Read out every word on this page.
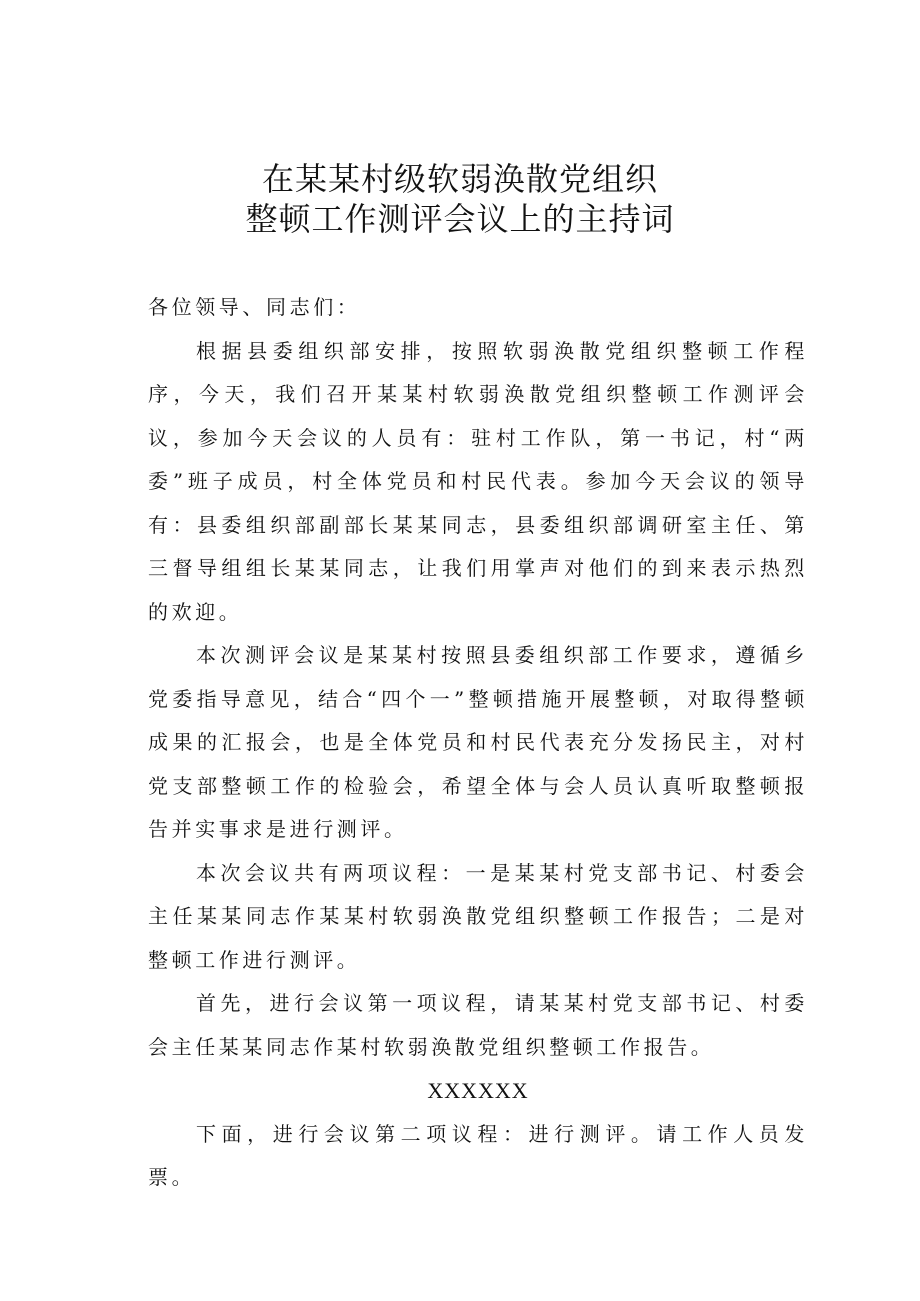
在某某村级软弱涣散党组织
整顿工作测评会议上的主持词

各位领导、同志们：

根据县委组织部安排，按照软弱涣散党组织整顿工作程序，今天，我们召开某某村软弱涣散党组织整顿工作测评会议，参加今天会议的人员有：驻村工作队，第一书记，村“两委”班子成员，村全体党员和村民代表。参加今天会议的领导有：县委组织部副部长某某同志，县委组织部调研室主任、第三督导组组长某某同志，让我们用掌声对他们的到来表示热烈的欢迎。

本次测评会议是某某村按照县委组织部工作要求，遵循乡党委指导意见，结合“四个一”整顿措施开展整顿，对取得整顿成果的汇报会，也是全体党员和村民代表充分发扬民主，对村党支部整顿工作的检验会，希望全体与会人员认真听取整顿报告并实事求是进行测评。

本次会议共有两项议程：一是某某村党支部书记、村委会主任某某同志作某某村软弱涣散党组织整顿工作报告；二是对整顿工作进行测评。

首先，进行会议第一项议程，请某某村党支部书记、村委会主任某某同志作某村软弱涣散党组织整顿工作报告。

XXXXXX

下面，进行会议第二项议程：进行测评。请工作人员发票。
